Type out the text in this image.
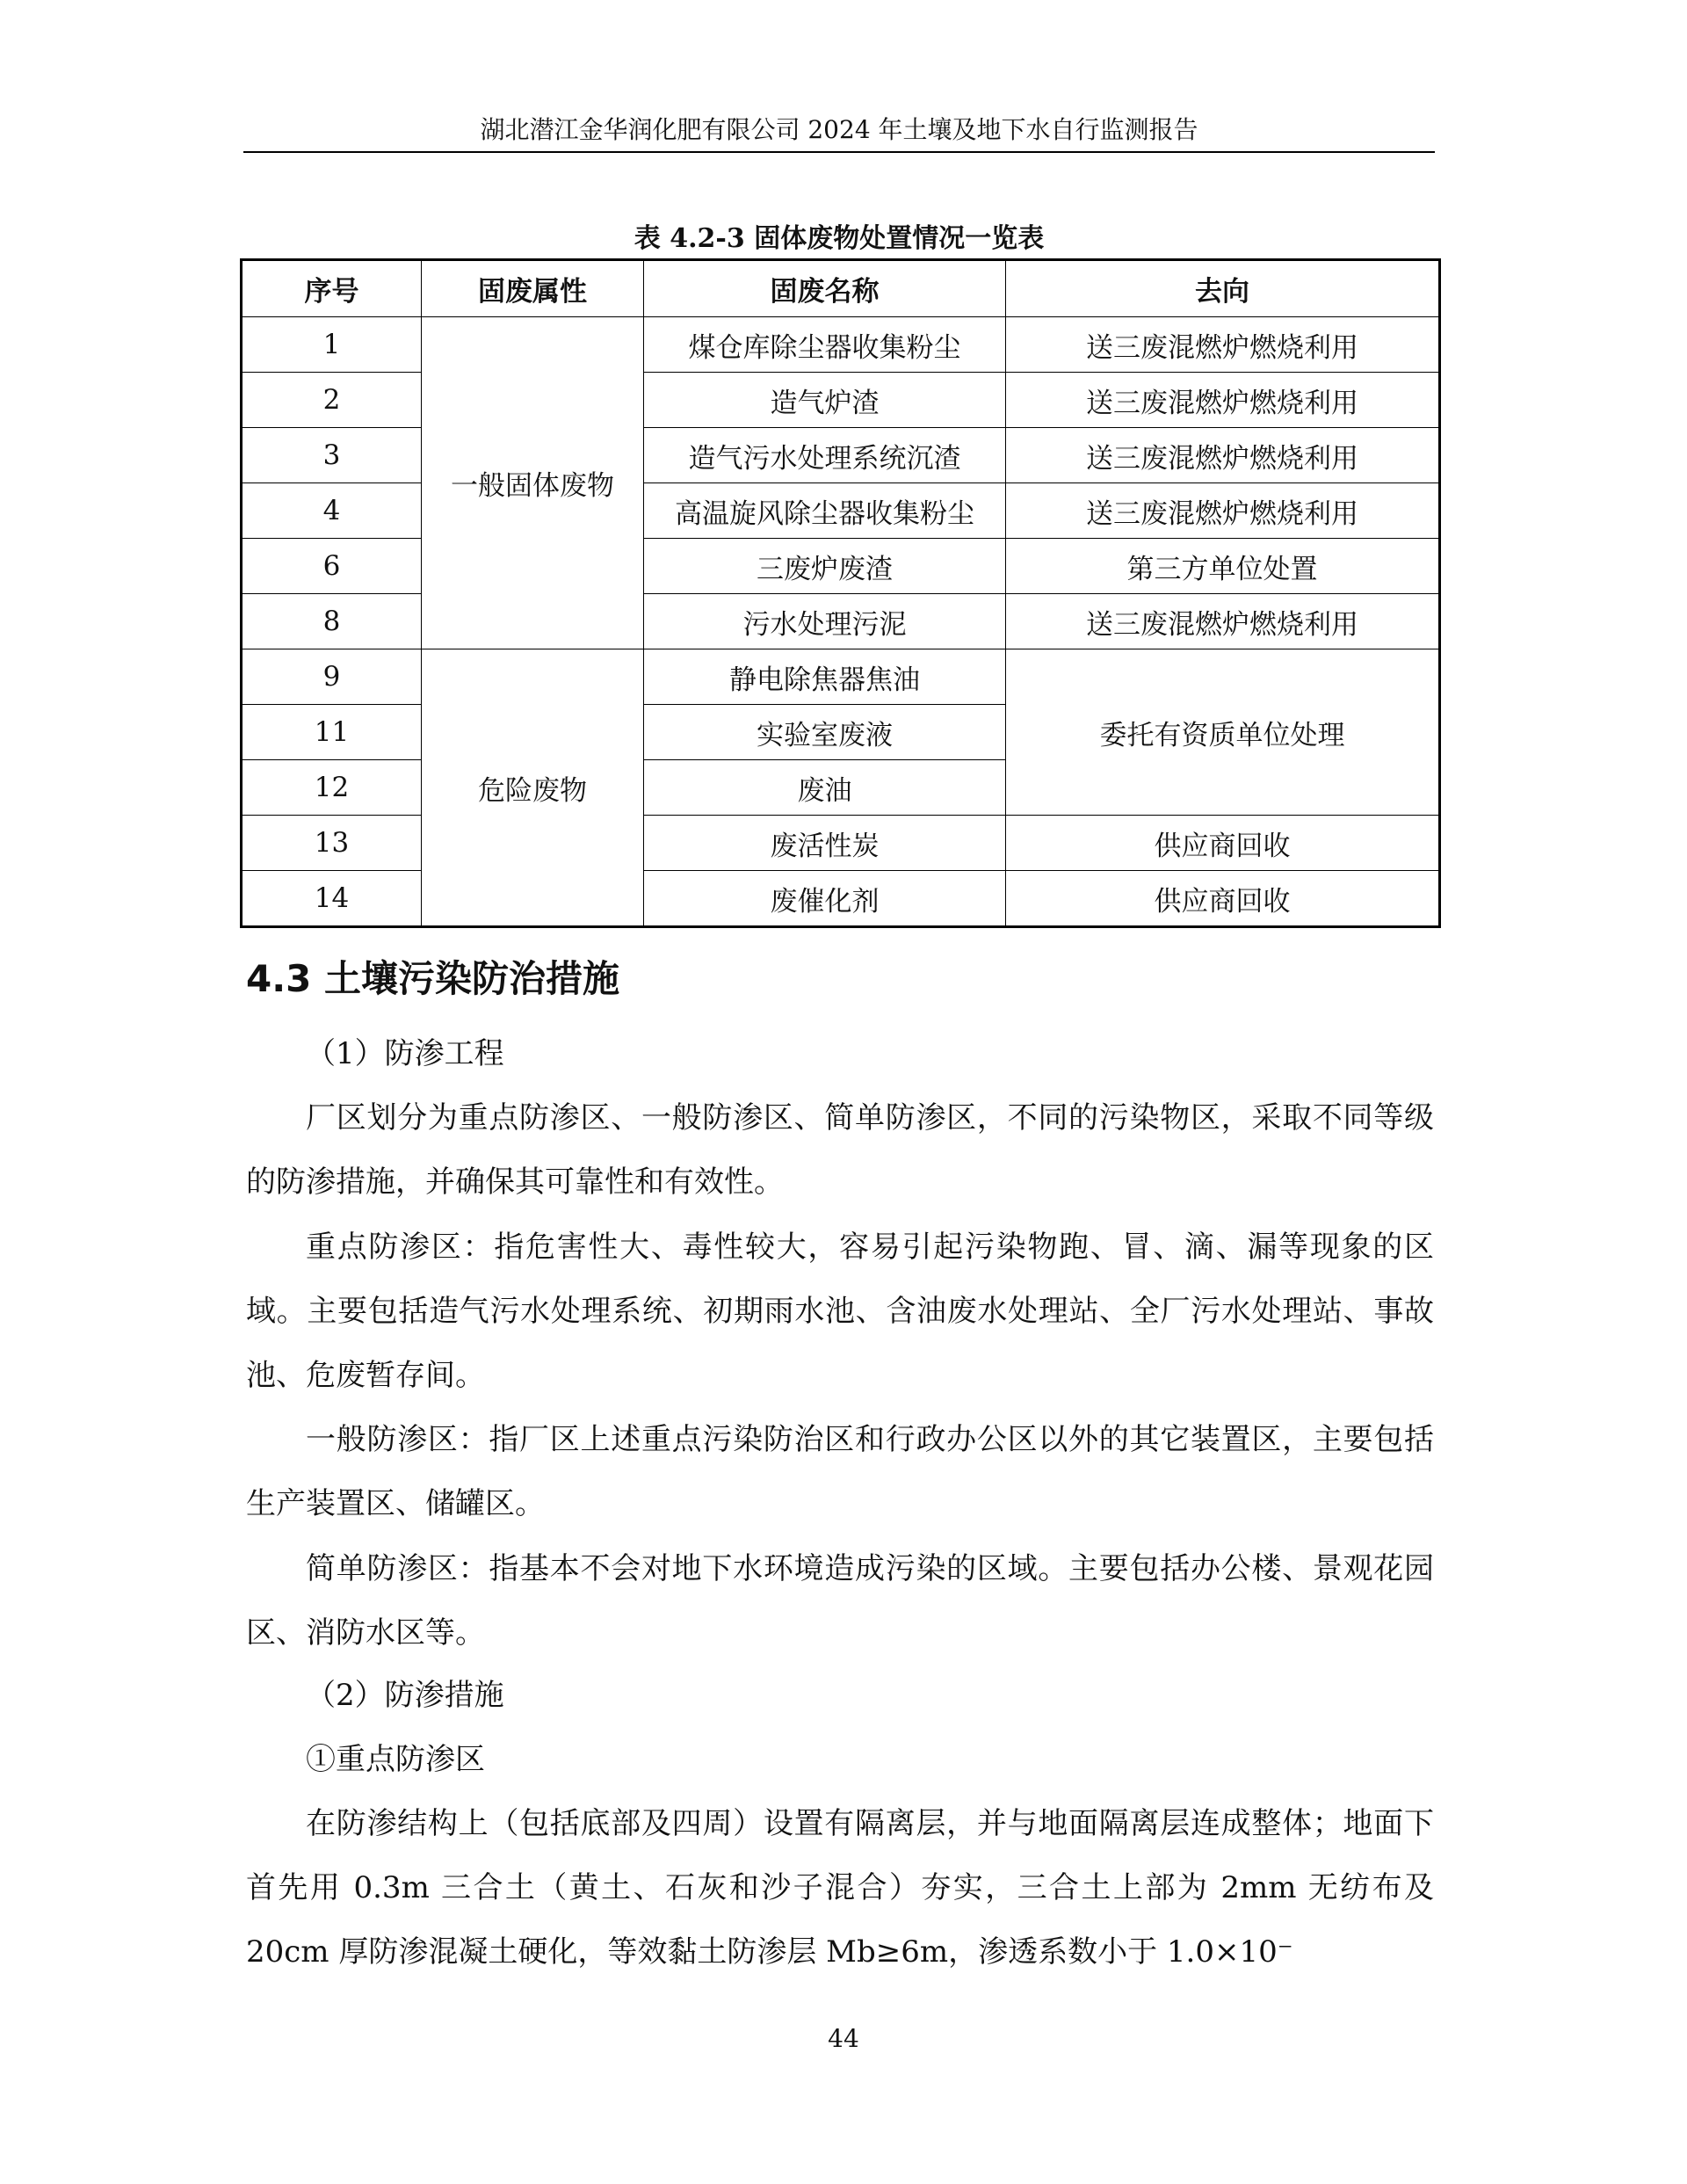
湖北潜江金华润化肥有限公司 2024 年土壤及地下水自行监测报告
表 4.2-3 固体废物处置情况一览表
序号	固废属性	固废名称	去向
1	一般固体废物	煤仓库除尘器收集粉尘	送三废混燃炉燃烧利用
2		造气炉渣	送三废混燃炉燃烧利用
3		造气污水处理系统沉渣	送三废混燃炉燃烧利用
4		高温旋风除尘器收集粉尘	送三废混燃炉燃烧利用
6		三废炉废渣	第三方单位处置
8		污水处理污泥	送三废混燃炉燃烧利用
9	危险废物	静电除焦器焦油	委托有资质单位处理
11		实验室废液	
12		废油	
13		废活性炭	供应商回收
14		废催化剂	供应商回收
4.3 土壤污染防治措施

（1）防渗工程

厂区划分为重点防渗区、一般防渗区、简单防渗区，不同的污染物区，采取不同等级的防渗措施，并确保其可靠性和有效性。

重点防渗区：指危害性大、毒性较大，容易引起污染物跑、冒、滴、漏等现象的区域。主要包括造气污水处理系统、初期雨水池、含油废水处理站、全厂污水处理站、事故池、危废暂存间。

一般防渗区：指厂区上述重点污染防治区和行政办公区以外的其它装置区，主要包括生产装置区、储罐区。

简单防渗区：指基本不会对地下水环境造成污染的区域。主要包括办公楼、景观花园区、消防水区等。

（2）防渗措施

①重点防渗区

在防渗结构上（包括底部及四周）设置有隔离层，并与地面隔离层连成整体；地面下首先用 0.3m 三合土（黄土、石灰和沙子混合）夯实，三合土上部为 2mm 无纺布及 20cm 厚防渗混凝土硬化，等效黏土防渗层 Mb≥6m，渗透系数小于 1.0×10⁻

44
